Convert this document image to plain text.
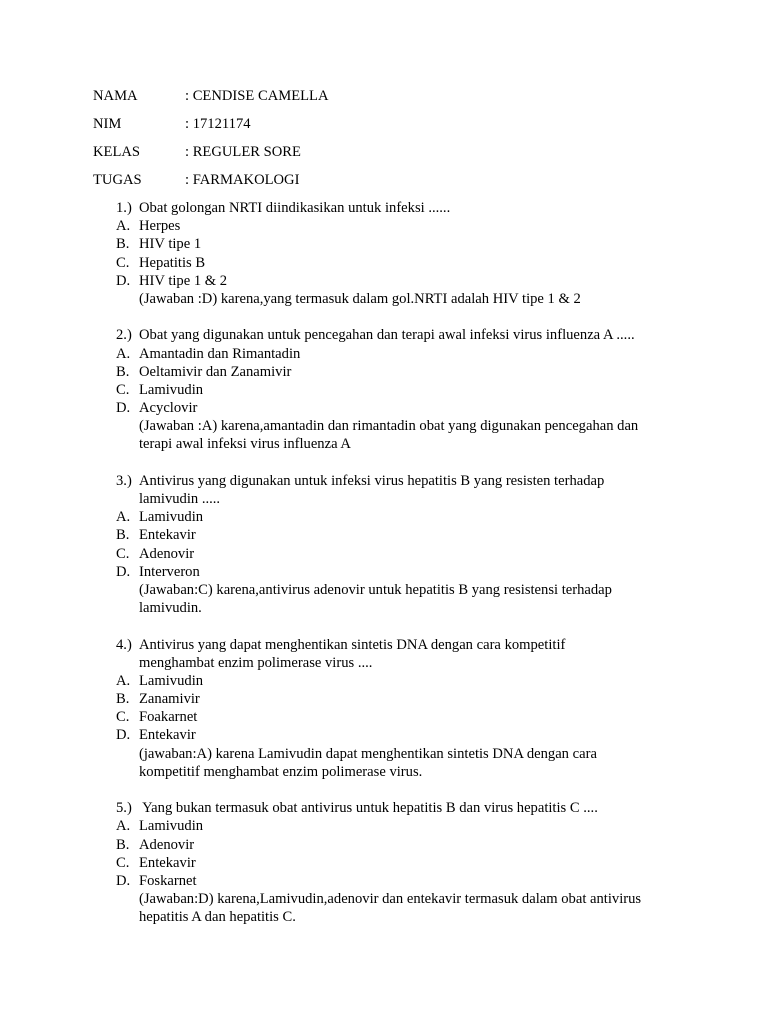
NAMA	: CENDISE CAMELLA
NIM	: 17121174
KELAS	: REGULER SORE
TUGAS	: FARMAKOLOGI
1.) Obat golongan NRTI diindikasikan untuk infeksi ......
A. Herpes
B. HIV tipe 1
C. Hepatitis B
D. HIV tipe 1 & 2
(Jawaban :D) karena,yang termasuk dalam gol.NRTI adalah HIV tipe 1 & 2
2.) Obat yang digunakan untuk pencegahan dan terapi awal infeksi virus influenza A .....
A. Amantadin dan Rimantadin
B. Oeltamivir dan Zanamivir
C. Lamivudin
D. Acyclovir
(Jawaban :A) karena,amantadin dan rimantadin obat yang digunakan pencegahan dan
terapi awal infeksi virus influenza A
3.) Antivirus yang digunakan untuk infeksi virus hepatitis B yang resisten terhadap
lamivudin .....
A. Lamivudin
B. Entekavir
C. Adenovir
D. Interveron
(Jawaban:C) karena,antivirus adenovir untuk hepatitis B yang resistensi terhadap
lamivudin.
4.) Antivirus yang dapat menghentikan sintetis DNA dengan cara kompetitif
menghambat enzim polimerase virus ....
A. Lamivudin
B. Zanamivir
C. Foakarnet
D. Entekavir
(jawaban:A) karena Lamivudin dapat menghentikan sintetis DNA dengan cara
kompetitif menghambat enzim polimerase virus.
5.) Yang bukan termasuk obat antivirus untuk hepatitis B dan virus hepatitis C ....
A. Lamivudin
B. Adenovir
C. Entekavir
D. Foskarnet
(Jawaban:D) karena,Lamivudin,adenovir dan entekavir termasuk dalam obat antivirus
hepatitis A dan hepatitis C.
